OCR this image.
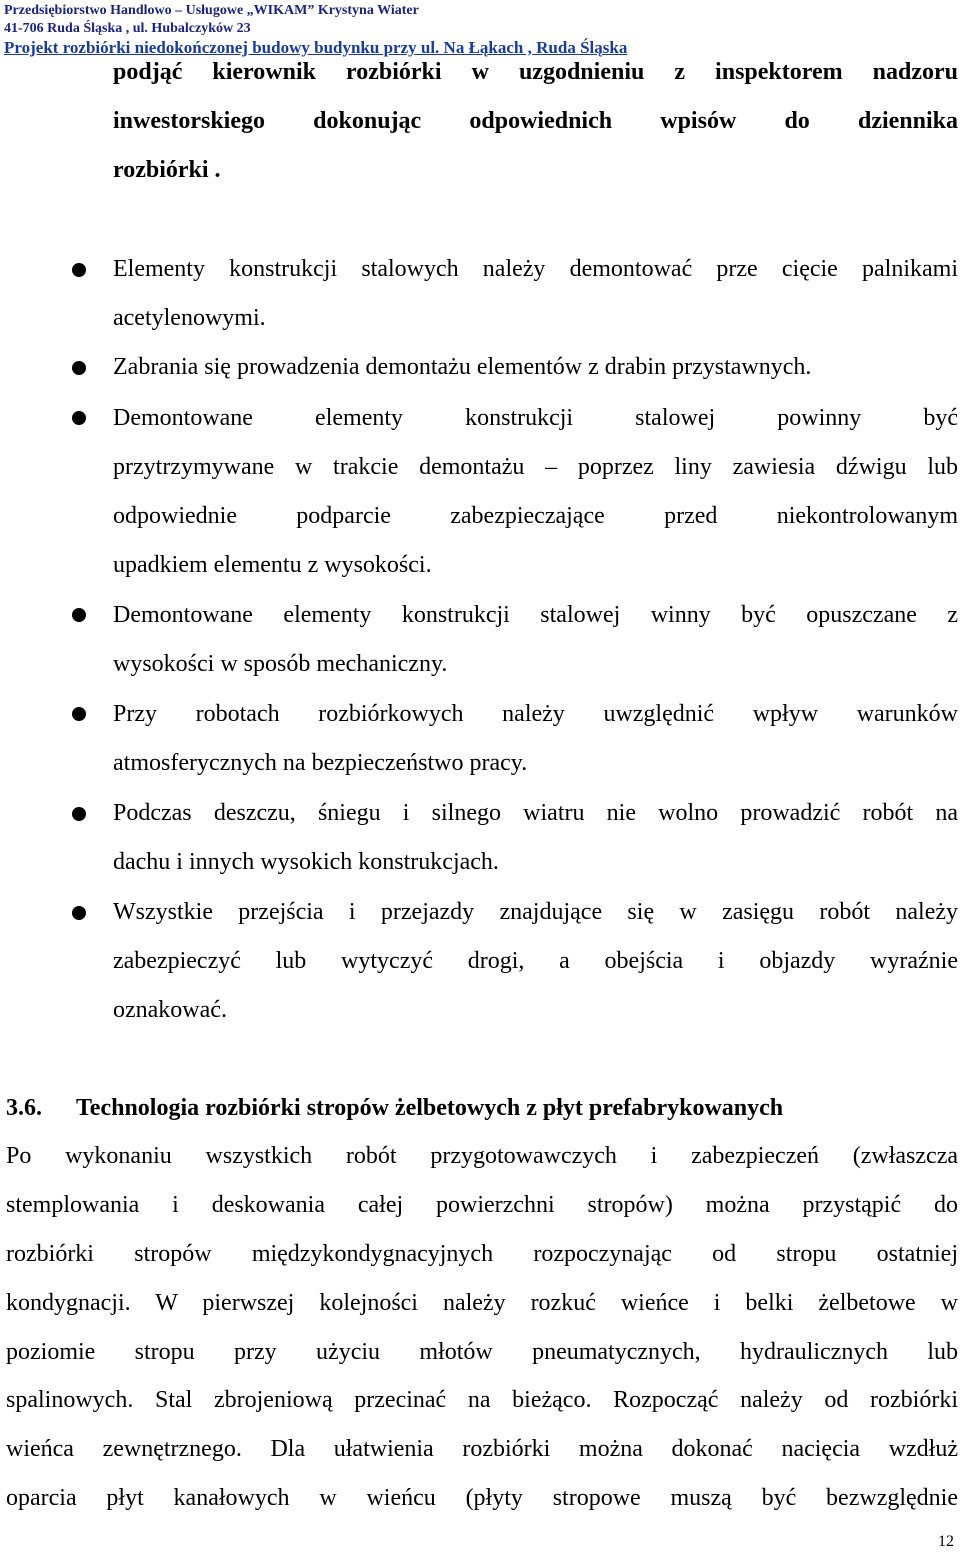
Przedsiębiorstwo Handlowo – Usługowe „WIKAM” Krystyna Wiater
41-706 Ruda Śląska , ul. Hubalczyków 23
Projekt rozbiórki niedokończonej budowy budynku przy ul. Na Łąkach , Ruda Śląska
podjąć kierownik rozbiórki w uzgodnieniu z inspektorem nadzoru
inwestorskiego dokonując odpowiednich wpisów do dziennika
rozbiórki .
Elementy konstrukcji stalowych należy demontować prze cięcie palnikami
acetylenowymi.
Zabrania się prowadzenia demontażu elementów z drabin przystawnych.
Demontowane elementy konstrukcji stalowej powinny być
przytrzymywane w trakcie demontażu – poprzez liny zawiesia dźwigu lub
odpowiednie podparcie zabezpieczające przed niekontrolowanym
upadkiem elementu z wysokości.
Demontowane elementy konstrukcji stalowej winny być opuszczane z
wysokości w sposób mechaniczny.
Przy robotach rozbiórkowych należy uwzględnić wpływ warunków
atmosferycznych na bezpieczeństwo pracy.
Podczas deszczu, śniegu i silnego wiatru nie wolno prowadzić robót na
dachu i innych wysokich konstrukcjach.
Wszystkie przejścia i przejazdy znajdujące się w zasięgu robót należy
zabezpieczyć lub wytyczyć drogi, a obejścia i objazdy wyraźnie
oznakować.
3.6. Technologia rozbiórki stropów żelbetowych z płyt prefabrykowanych
Po wykonaniu wszystkich robót przygotowawczych i zabezpieczeń (zwłaszcza
stemplowania i deskowania całej powierzchni stropów) można przystąpić do
rozbiórki stropów międzykondygnacyjnych rozpoczynając od stropu ostatniej
kondygnacji. W pierwszej kolejności należy rozkuć wieńce i belki żelbetowe w
poziomie stropu przy użyciu młotów pneumatycznych, hydraulicznych lub
spalinowych. Stal zbrojeniową przecinać na bieżąco. Rozpocząć należy od rozbiórki
wieńca zewnętrznego. Dla ułatwienia rozbiórki można dokonać nacięcia wzdłuż
oparcia płyt kanałowych w wieńcu (płyty stropowe muszą być bezwzględnie
12
